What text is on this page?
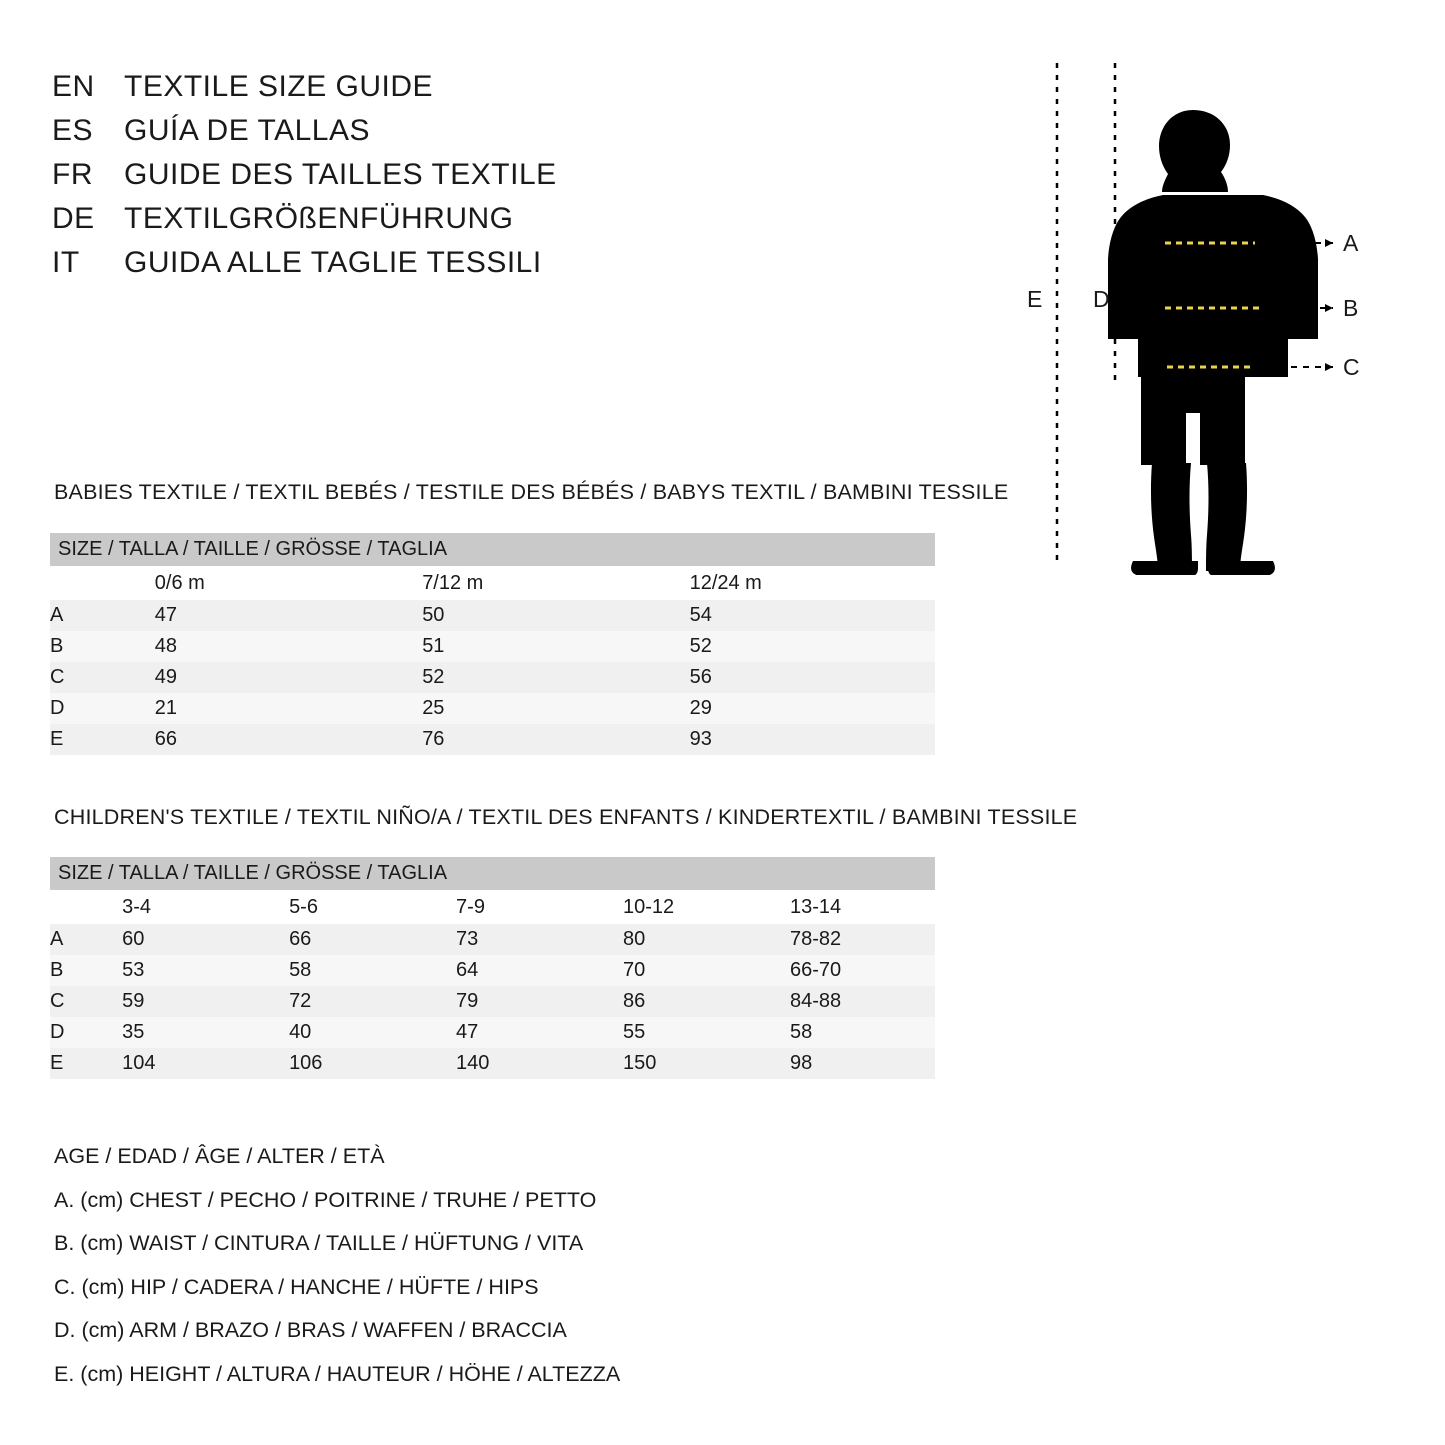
EN TEXTILE SIZE GUIDE
ES	GUÍA DE TALLAS
FR	GUIDE DES TAILLES TEXTILE
DE TEXTILGRÖßENFÜHRUNG
IT	GUIDA ALLE TAGLIE TESSILI
A
B
C
D
E
BABIES TEXTILE / TEXTIL BEBÉS / TESTILE DES BÉBÉS / BABYS TEXTIL / BAMBINI TESSILE
SIZE / TALLA / TAILLE / GRÖSSE / TAGLIA			

	0/6 m	7/12 m	12/24 m

A	47	50	54

B	48	51	52

C	49	52	56

D	21	25	29

E	66	76	93
CHILDREN'S TEXTILE / TEXTIL NIÑO/A / TEXTIL DES ENFANTS / KINDERTEXTIL / BAMBINI TESSILE
SIZE / TALLA / TAILLE / GRÖSSE / TAGLIA					

	3-4	5-6	7-9	10-12	13-14

A	60	66	73	80	78-82

B	53	58	64	70	66-70

C	59	72	79	86	84-88

D	35	40	47	55	58

E	104	106	140	150	98
AGE / EDAD / ÂGE / ALTER / ETÀ
A. (cm) CHEST / PECHO / POITRINE / TRUHE / PETTO
B. (cm) WAIST / CINTURA / TAILLE / HÜFTUNG / VITA
C. (cm) HIP / CADERA / HANCHE / HÜFTE / HIPS
D. (cm) ARM / BRAZO / BRAS / WAFFEN / BRACCIA
E. (cm) HEIGHT / ALTURA / HAUTEUR / HÖHE / ALTEZZA
